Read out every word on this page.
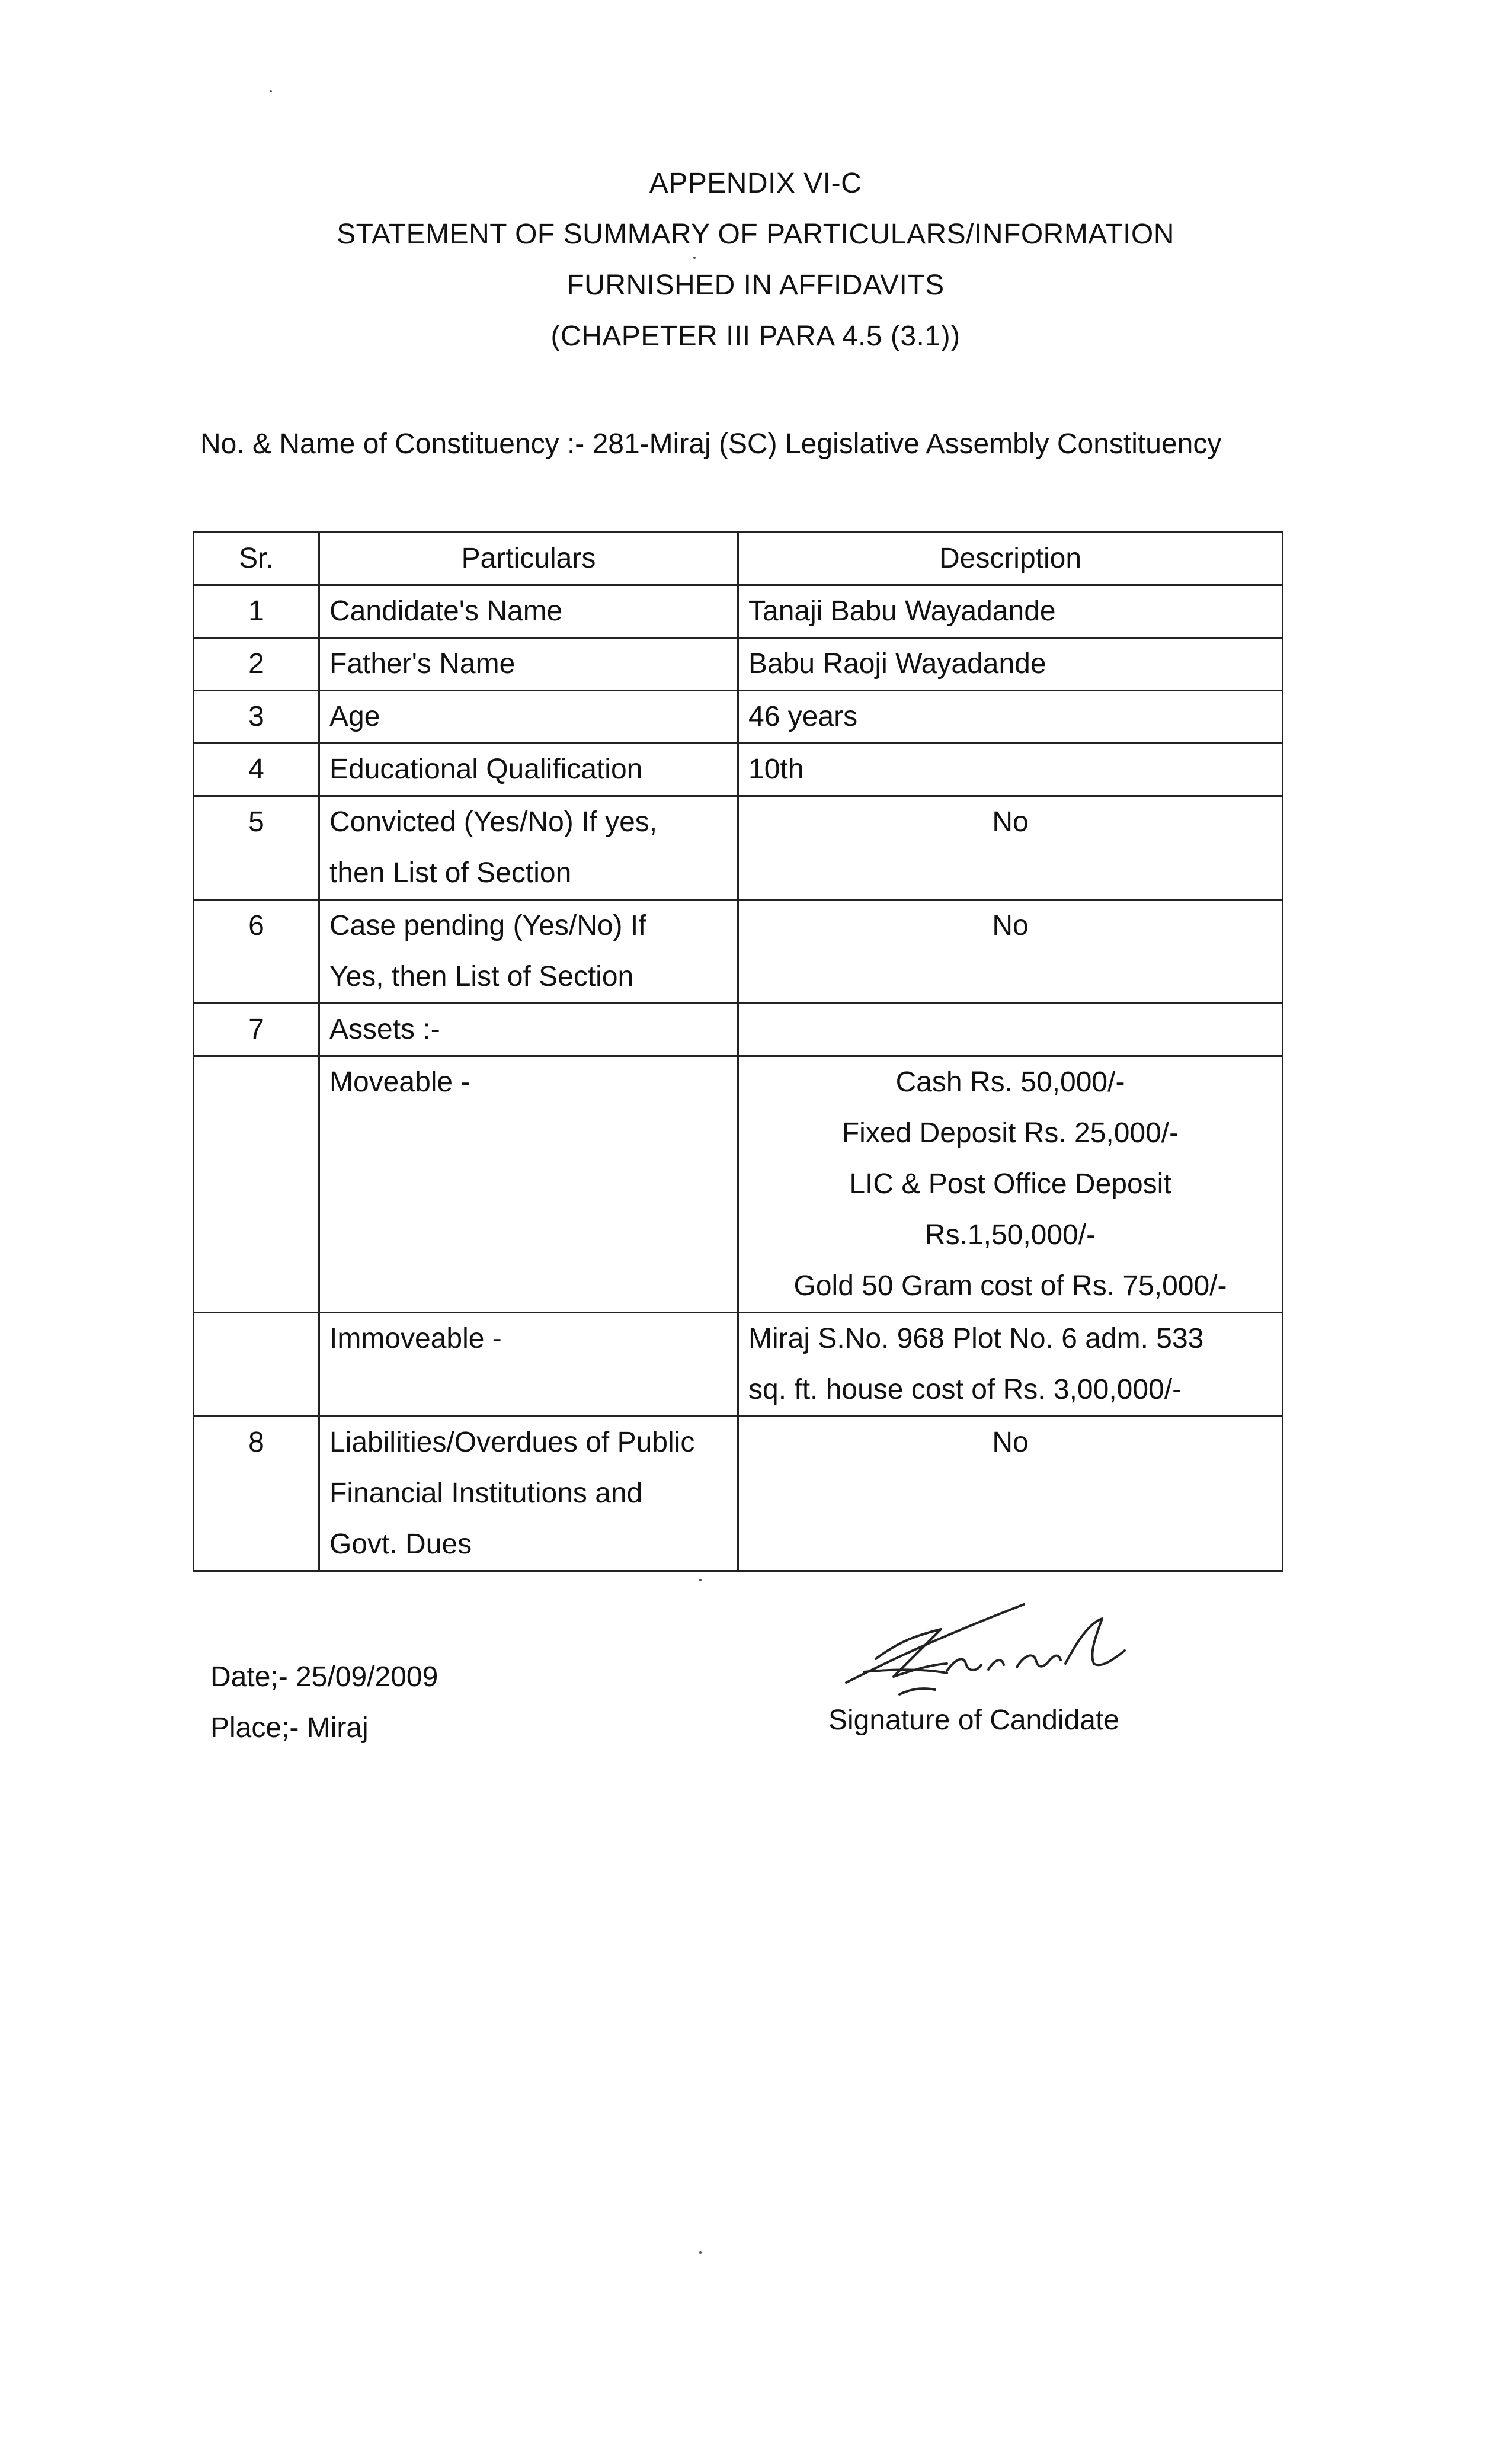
APPENDIX VI-C
STATEMENT OF SUMMARY OF PARTICULARS/INFORMATION
FURNISHED IN AFFIDAVITS
(CHAPETER III PARA 4.5 (3.1))
No. & Name of Constituency :- 281-Miraj (SC) Legislative Assembly Constituency
Sr.	Particulars	Description
1	Candidate's Name	Tanaji Babu Wayadande

2	Father's Name	Babu Raoji Wayadande

3	Age	46 years

4	Educational Qualification	10th

5	Convicted (Yes/No) If yes,
then List of Section	No

6	Case pending (Yes/No) If
Yes, then List of Section	No

7	Assets :-	

	Moveable -	Cash Rs. 50,000/-
Fixed Deposit Rs. 25,000/-
LIC & Post Office Deposit
Rs.1,50,000/-
Gold 50 Gram cost of Rs. 75,000/-

	Immoveable -	Miraj S.No. 968 Plot No. 6 adm. 533
sq. ft. house cost of Rs. 3,00,000/-

8	Liabilities/Overdues of Public
Financial Institutions and
Govt. Dues	No
Date;- 25/09/2009
Place;- Miraj	Signature of Candidate
